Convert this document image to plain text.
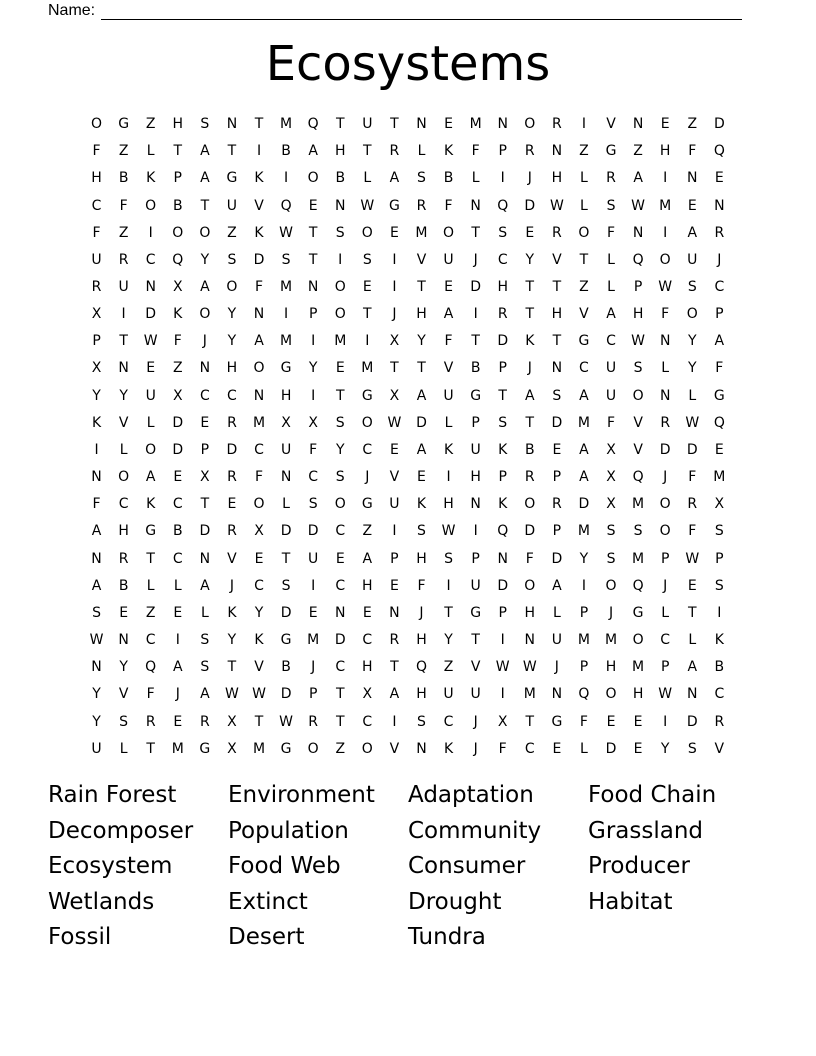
Name:
Ecosystems
O	G	Z	H	S	N	T	M	Q	T	U	T	N	E	M	N	O	R	I	V	N	E	Z	D
F	Z	L	T	A	T	I	B	A	H	T	R	L	K	F	P	R	N	Z	G	Z	H	F	Q
H	B	K	P	A	G	K	I	O	B	L	A	S	B	L	I	J	H	L	R	A	I	N	E
C	F	O	B	T	U	V	Q	E	N	W	G	R	F	N	Q	D	W	L	S	W	M	E	N
F	Z	I	O	O	Z	K	W	T	S	O	E	M	O	T	S	E	R	O	F	N	I	A	R
U	R	C	Q	Y	S	D	S	T	I	S	I	V	U	J	C	Y	V	T	L	Q	O	U	J
R	U	N	X	A	O	F	M	N	O	E	I	T	E	D	H	T	T	Z	L	P	W	S	C
X	I	D	K	O	Y	N	I	P	O	T	J	H	A	I	R	T	H	V	A	H	F	O	P
P	T	W	F	J	Y	A	M	I	M	I	X	Y	F	T	D	K	T	G	C	W	N	Y	A
X	N	E	Z	N	H	O	G	Y	E	M	T	T	V	B	P	J	N	C	U	S	L	Y	F
Y	Y	U	X	C	C	N	H	I	T	G	X	A	U	G	T	A	S	A	U	O	N	L	G
K	V	L	D	E	R	M	X	X	S	O	W	D	L	P	S	T	D	M	F	V	R	W	Q
I	L	O	D	P	D	C	U	F	Y	C	E	A	K	U	K	B	E	A	X	V	D	D	E
N	O	A	E	X	R	F	N	C	S	J	V	E	I	H	P	R	P	A	X	Q	J	F	M
F	C	K	C	T	E	O	L	S	O	G	U	K	H	N	K	O	R	D	X	M	O	R	X
A	H	G	B	D	R	X	D	D	C	Z	I	S	W	I	Q	D	P	M	S	S	O	F	S
N	R	T	C	N	V	E	T	U	E	A	P	H	S	P	N	F	D	Y	S	M	P	W	P
A	B	L	L	A	J	C	S	I	C	H	E	F	I	U	D	O	A	I	O	Q	J	E	S
S	E	Z	E	L	K	Y	D	E	N	E	N	J	T	G	P	H	L	P	J	G	L	T	I
W	N	C	I	S	Y	K	G	M	D	C	R	H	Y	T	I	N	U	M	M	O	C	L	K
N	Y	Q	A	S	T	V	B	J	C	H	T	Q	Z	V	W W	J	P	H	M	P	A	B
Y	V	F	J	A	W W	D	P	T	X	A	H	U	U	I	M	N	Q	O	H	W	N	C
Y	S	R	E	R	X	T	W	R	T	C	I	S	C	J	X	T	G	F	E	E	I	D	R
U	L	T	M	G	X	M	G	O	Z	O	V	N	K	J	F	C	E	L	D	E	Y	S	V
Rain Forest	Environment	Adaptation	Food Chain
Decomposer	Population	Community	Grassland
Ecosystem	Food Web	Consumer	Producer
Wetlands	Extinct	Drought	Habitat
Fossil	Desert	Tundra
